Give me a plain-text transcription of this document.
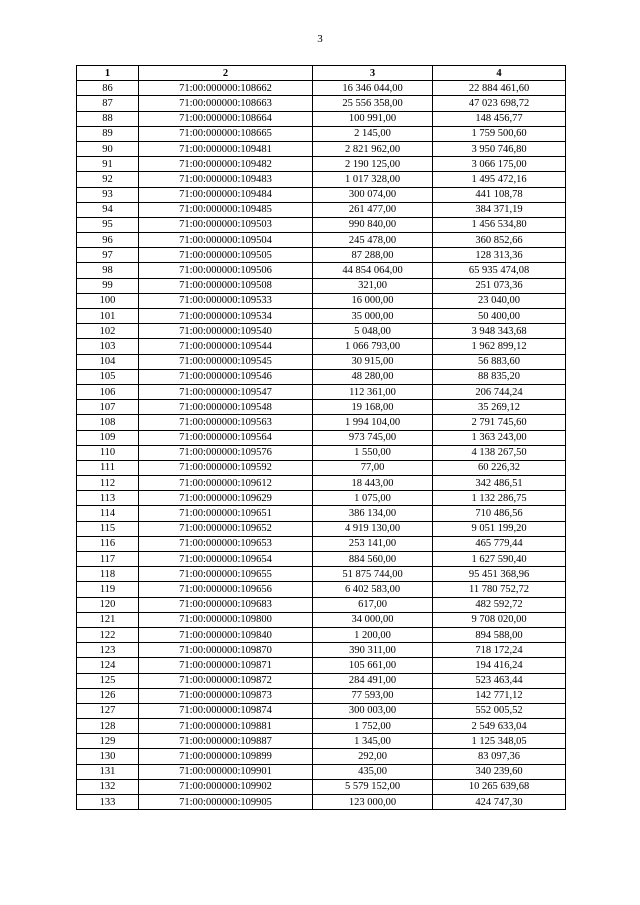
3
1	2	3	4
86	71:00:000000:108662	16 346 044,00	22 884 461,60
87	71:00:000000:108663	25 556 358,00	47 023 698,72
88	71:00:000000:108664	100 991,00	148 456,77
89	71:00:000000:108665	2 145,00	1 759 500,60
90	71:00:000000:109481	2 821 962,00	3 950 746,80
91	71:00:000000:109482	2 190 125,00	3 066 175,00
92	71:00:000000:109483	1 017 328,00	1 495 472,16
93	71:00:000000:109484	300 074,00	441 108,78
94	71:00:000000:109485	261 477,00	384 371,19
95	71:00:000000:109503	990 840,00	1 456 534,80
96	71:00:000000:109504	245 478,00	360 852,66
97	71:00:000000:109505	87 288,00	128 313,36
98	71:00:000000:109506	44 854 064,00	65 935 474,08
99	71:00:000000:109508	321,00	251 073,36
100	71:00:000000:109533	16 000,00	23 040,00
101	71:00:000000:109534	35 000,00	50 400,00
102	71:00:000000:109540	5 048,00	3 948 343,68
103	71:00:000000:109544	1 066 793,00	1 962 899,12
104	71:00:000000:109545	30 915,00	56 883,60
105	71:00:000000:109546	48 280,00	88 835,20
106	71:00:000000:109547	112 361,00	206 744,24
107	71:00:000000:109548	19 168,00	35 269,12
108	71:00:000000:109563	1 994 104,00	2 791 745,60
109	71:00:000000:109564	973 745,00	1 363 243,00
110	71:00:000000:109576	1 550,00	4 138 267,50
111	71:00:000000:109592	77,00	60 226,32
112	71:00:000000:109612	18 443,00	342 486,51
113	71:00:000000:109629	1 075,00	1 132 286,75
114	71:00:000000:109651	386 134,00	710 486,56
115	71:00:000000:109652	4 919 130,00	9 051 199,20
116	71:00:000000:109653	253 141,00	465 779,44
117	71:00:000000:109654	884 560,00	1 627 590,40
118	71:00:000000:109655	51 875 744,00	95 451 368,96
119	71:00:000000:109656	6 402 583,00	11 780 752,72
120	71:00:000000:109683	617,00	482 592,72
121	71:00:000000:109800	34 000,00	9 708 020,00
122	71:00:000000:109840	1 200,00	894 588,00
123	71:00:000000:109870	390 311,00	718 172,24
124	71:00:000000:109871	105 661,00	194 416,24
125	71:00:000000:109872	284 491,00	523 463,44
126	71:00:000000:109873	77 593,00	142 771,12
127	71:00:000000:109874	300 003,00	552 005,52
128	71:00:000000:109881	1 752,00	2 549 633,04
129	71:00:000000:109887	1 345,00	1 125 348,05
130	71:00:000000:109899	292,00	83 097,36
131	71:00:000000:109901	435,00	340 239,60
132	71:00:000000:109902	5 579 152,00	10 265 639,68
133	71:00:000000:109905	123 000,00	424 747,30
